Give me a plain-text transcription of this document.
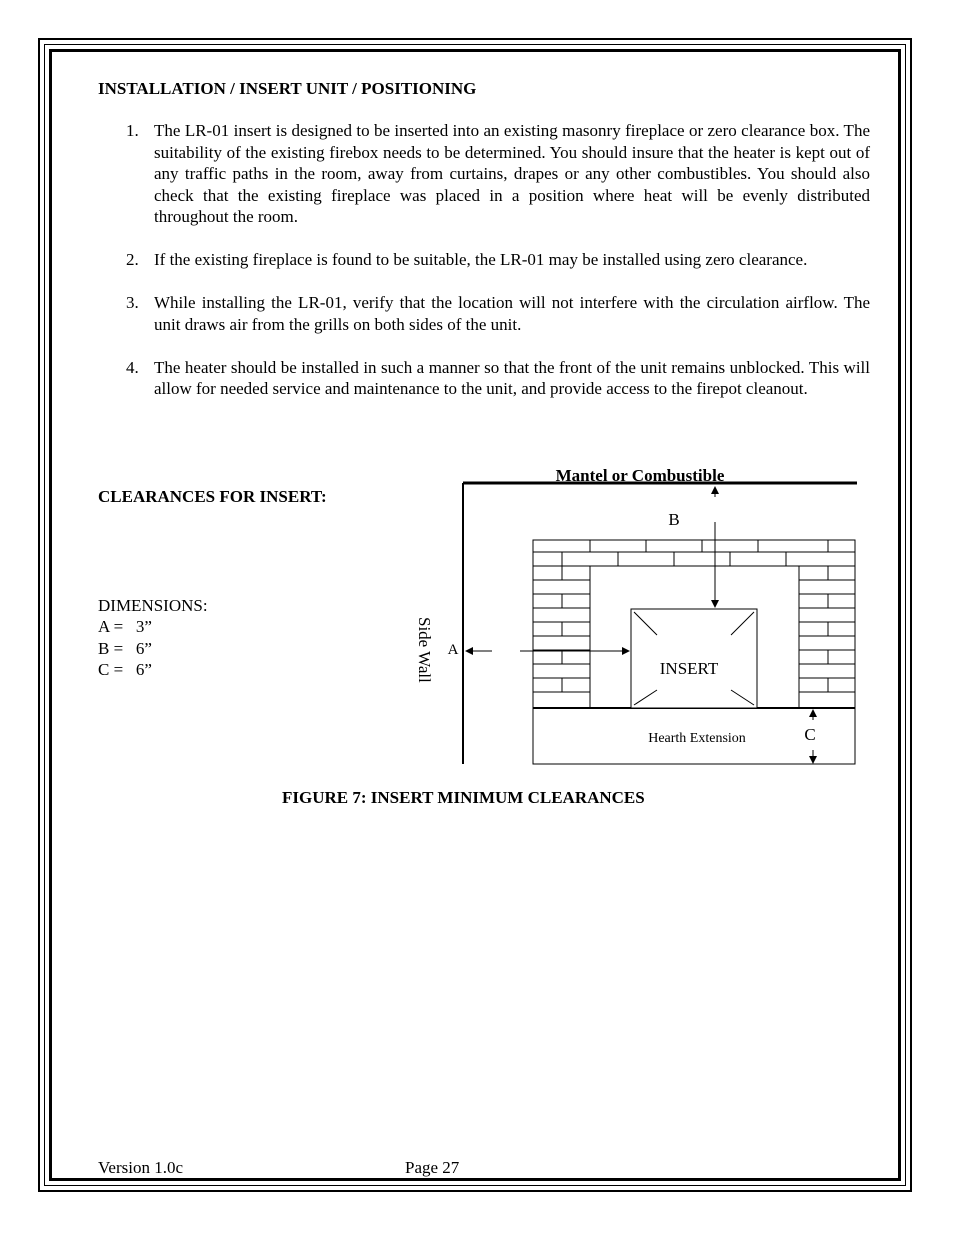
INSTALLATION / INSERT UNIT / POSITIONING
1. The LR-01 insert is designed to be inserted into an existing masonry fireplace or zero clearance box. The suitability of the existing firebox needs to be determined. You should insure that the heater is kept out of any traffic paths in the room, away from curtains, drapes or any other combustibles. You should also check that the existing fireplace was placed in a position where heat will be evenly distributed throughout the room.
2. If the existing fireplace is found to be suitable, the LR-01 may be installed using zero clearance.
3. While installing the LR-01, verify that the location will not interfere with the circulation airflow. The unit draws air from the grills on both sides of the unit.
4. The heater should be installed in such a manner so that the front of the unit remains unblocked. This will allow for needed service and maintenance to the unit, and provide access to the firepot cleanout.
CLEARANCES FOR INSERT:
DIMENSIONS:
A =   3”
B =   6”
C =   6”
Mantel or Combustible
Side Wall
Hearth Extension
INSERT
B
A
C
FIGURE 7: INSERT MINIMUM CLEARANCES
Version 1.0c	Page 27
